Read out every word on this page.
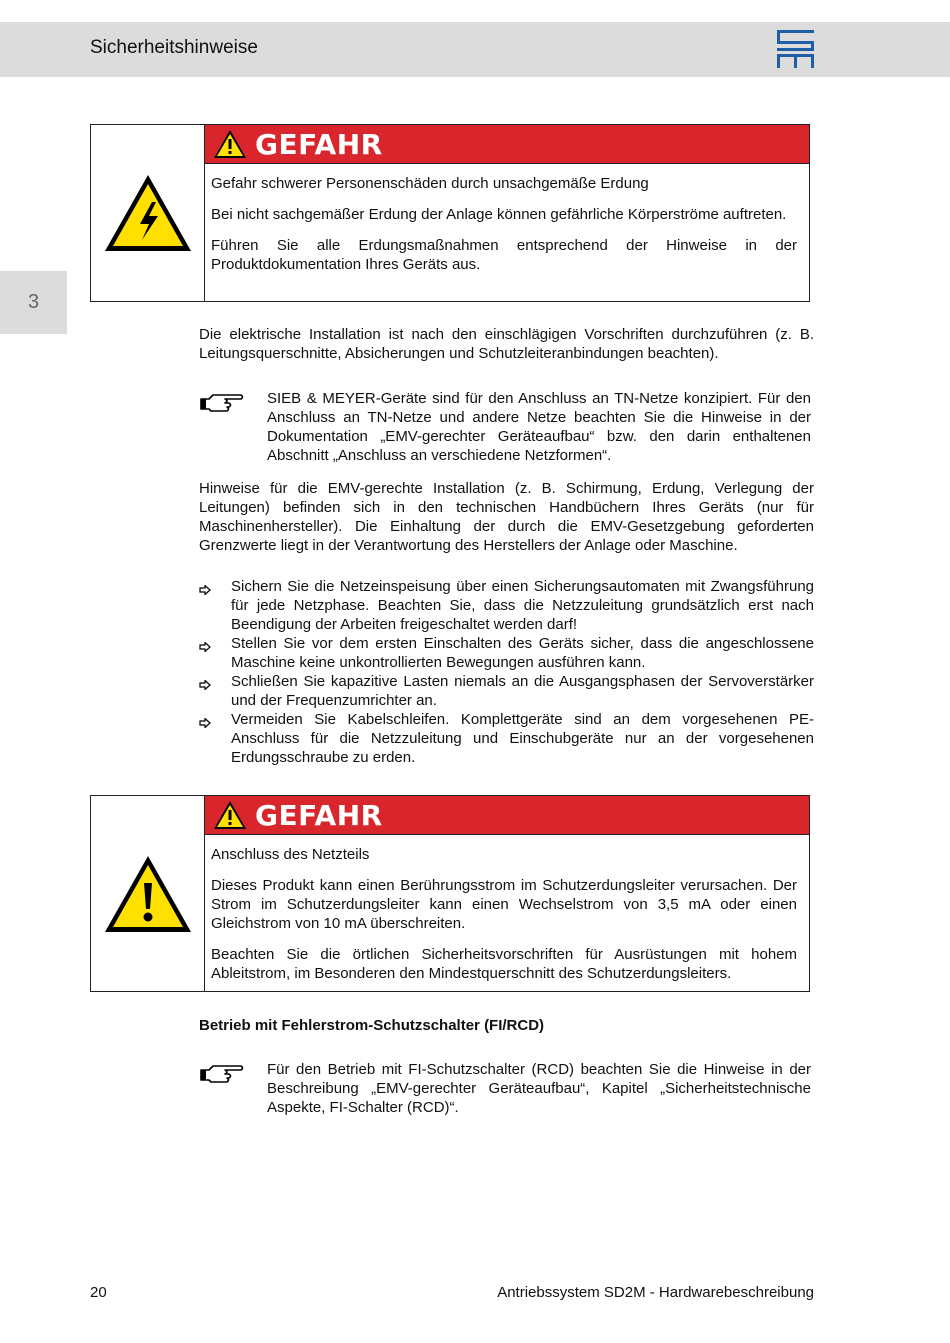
Sicherheitshinweise
3
GEFAHR

Gefahr schwerer Personenschäden durch unsachgemäße Erdung

Bei nicht sachgemäßer Erdung der Anlage können gefährliche Körperströme auftreten.

Führen Sie alle Erdungsmaßnahmen entsprechend der Hinweise in der Produktdokumentation Ihres Geräts aus.

Die elektrische Installation ist nach den einschlägigen Vorschriften durchzuführen (z. B. Leitungsquerschnitte, Absicherungen und Schutzleiteranbindungen beachten).

SIEB & MEYER-Geräte sind für den Anschluss an TN-Netze konzipiert. Für den Anschluss an TN-Netze und andere Netze beachten Sie die Hinweise in der Dokumentation „EMV-gerechter Geräteaufbau“ bzw. den darin enthaltenen Abschnitt „Anschluss an verschiedene Netzformen“.

Hinweise für die EMV-gerechte Installation (z. B. Schirmung, Erdung, Verlegung der Leitungen) befinden sich in den technischen Handbüchern Ihres Geräts (nur für Maschinenhersteller). Die Einhaltung der durch die EMV-Gesetzgebung geforderten Grenzwerte liegt in der Verantwortung des Herstellers der Anlage oder Maschine.

Sichern Sie die Netzeinspeisung über einen Sicherungsautomaten mit Zwangsführung für jede Netzphase. Beachten Sie, dass die Netzzuleitung grundsätzlich erst nach Beendigung der Arbeiten freigeschaltet werden darf!
Stellen Sie vor dem ersten Einschalten des Geräts sicher, dass die angeschlossene Maschine keine unkontrollierten Bewegungen ausführen kann.
Schließen Sie kapazitive Lasten niemals an die Ausgangsphasen der Servoverstärker und der Frequenzumrichter an.
Vermeiden Sie Kabelschleifen. Komplettgeräte sind an dem vorgesehenen PE-Anschluss für die Netzzuleitung und Einschubgeräte nur an der vorgesehenen Erdungsschraube zu erden.
GEFAHR

Anschluss des Netzteils

Dieses Produkt kann einen Berührungsstrom im Schutzerdungsleiter verursachen. Der Strom im Schutzerdungsleiter kann einen Wechselstrom von 3,5 mA oder einen Gleichstrom von 10 mA überschreiten.

Beachten Sie die örtlichen Sicherheitsvorschriften für Ausrüstungen mit hohem Ableitstrom, im Besonderen den Mindestquerschnitt des Schutzerdungsleiters.

Betrieb mit Fehlerstrom-Schutzschalter (FI/RCD)

Für den Betrieb mit FI-Schutzschalter (RCD) beachten Sie die Hinweise in der Beschreibung „EMV-gerechter Geräteaufbau“, Kapitel „Sicherheitstechnische Aspekte, FI-Schalter (RCD)“.

20	Antriebssystem SD2M - Hardwarebeschreibung
